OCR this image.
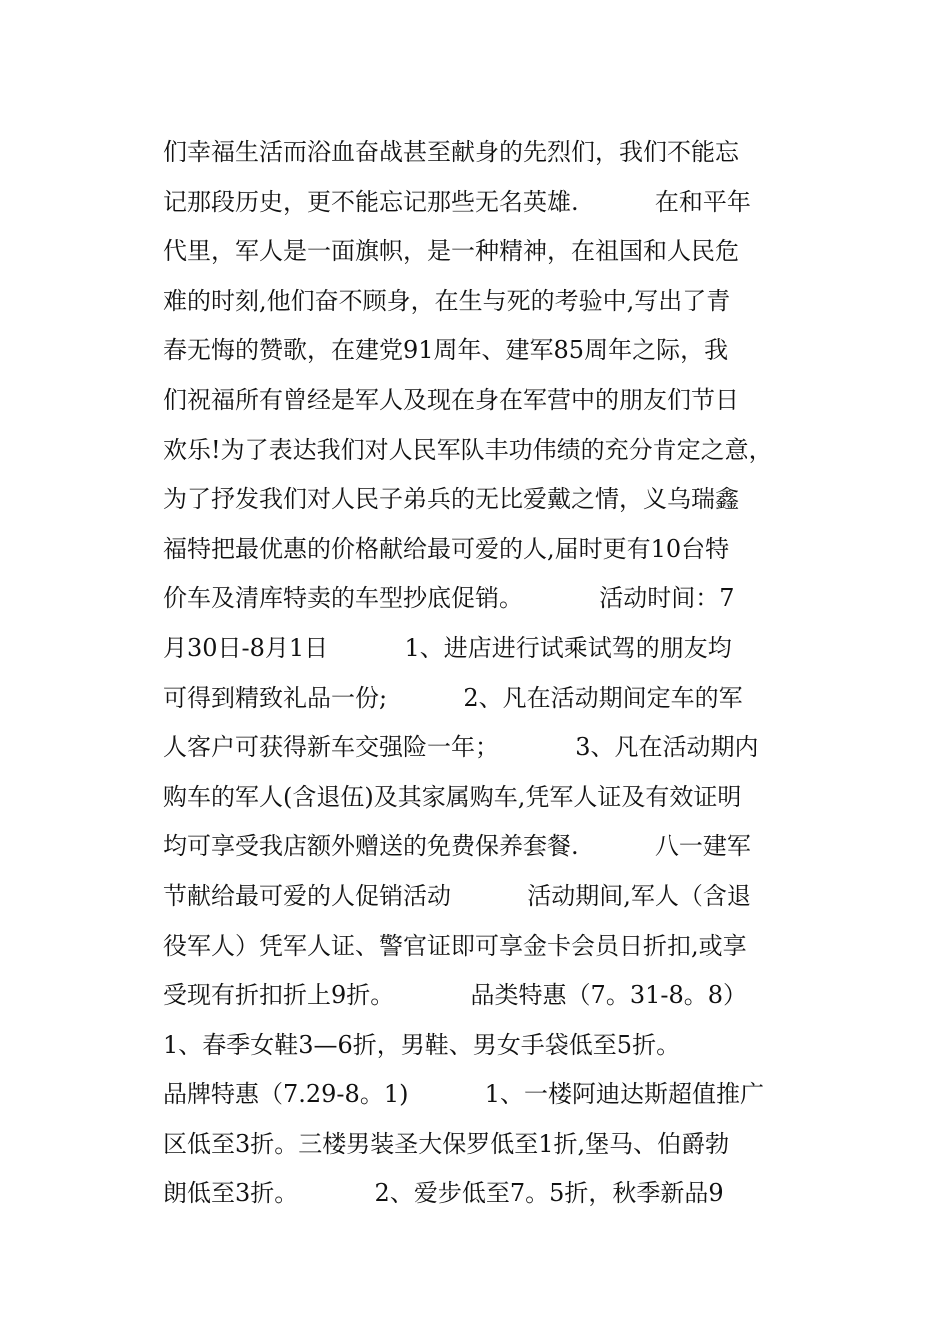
们幸福生活而浴血奋战甚至献身的先烈们，我们不能忘
记那段历史，更不能忘记那些无名英雄.          在和平年
代里，军人是一面旗帜，是一种精神，在祖国和人民危
难的时刻,他们奋不顾身，在生与死的考验中,写出了青
春无悔的赞歌，在建党91周年、建军85周年之际，我
们祝福所有曾经是军人及现在身在军营中的朋友们节日
欢乐!为了表达我们对人民军队丰功伟绩的充分肯定之意，
为了抒发我们对人民子弟兵的无比爱戴之情，义乌瑞鑫
福特把最优惠的价格献给最可爱的人,届时更有10台特
价车及清库特卖的车型抄底促销。          活动时间：7
月30日-8月1日          1、进店进行试乘试驾的朋友均
可得到精致礼品一份;          2、凡在活动期间定车的军
人客户可获得新车交强险一年；          3、凡在活动期内
购车的军人(含退伍)及其家属购车,凭军人证及有效证明
均可享受我店额外赠送的免费保养套餐.          八一建军
节献给最可爱的人促销活动          活动期间,军人（含退
役军人）凭军人证、警官证即可享金卡会员日折扣,或享
受现有折扣折上9折。          品类特惠（7。31-8。8）
1、春季女鞋3—6折，男鞋、男女手袋低至5折。
品牌特惠（7.29-8。1)          1、一楼阿迪达斯超值推广
区低至3折。三楼男装圣大保罗低至1折,堡马、伯爵勃
朗低至3折。          2、爱步低至7。5折，秋季新品9
